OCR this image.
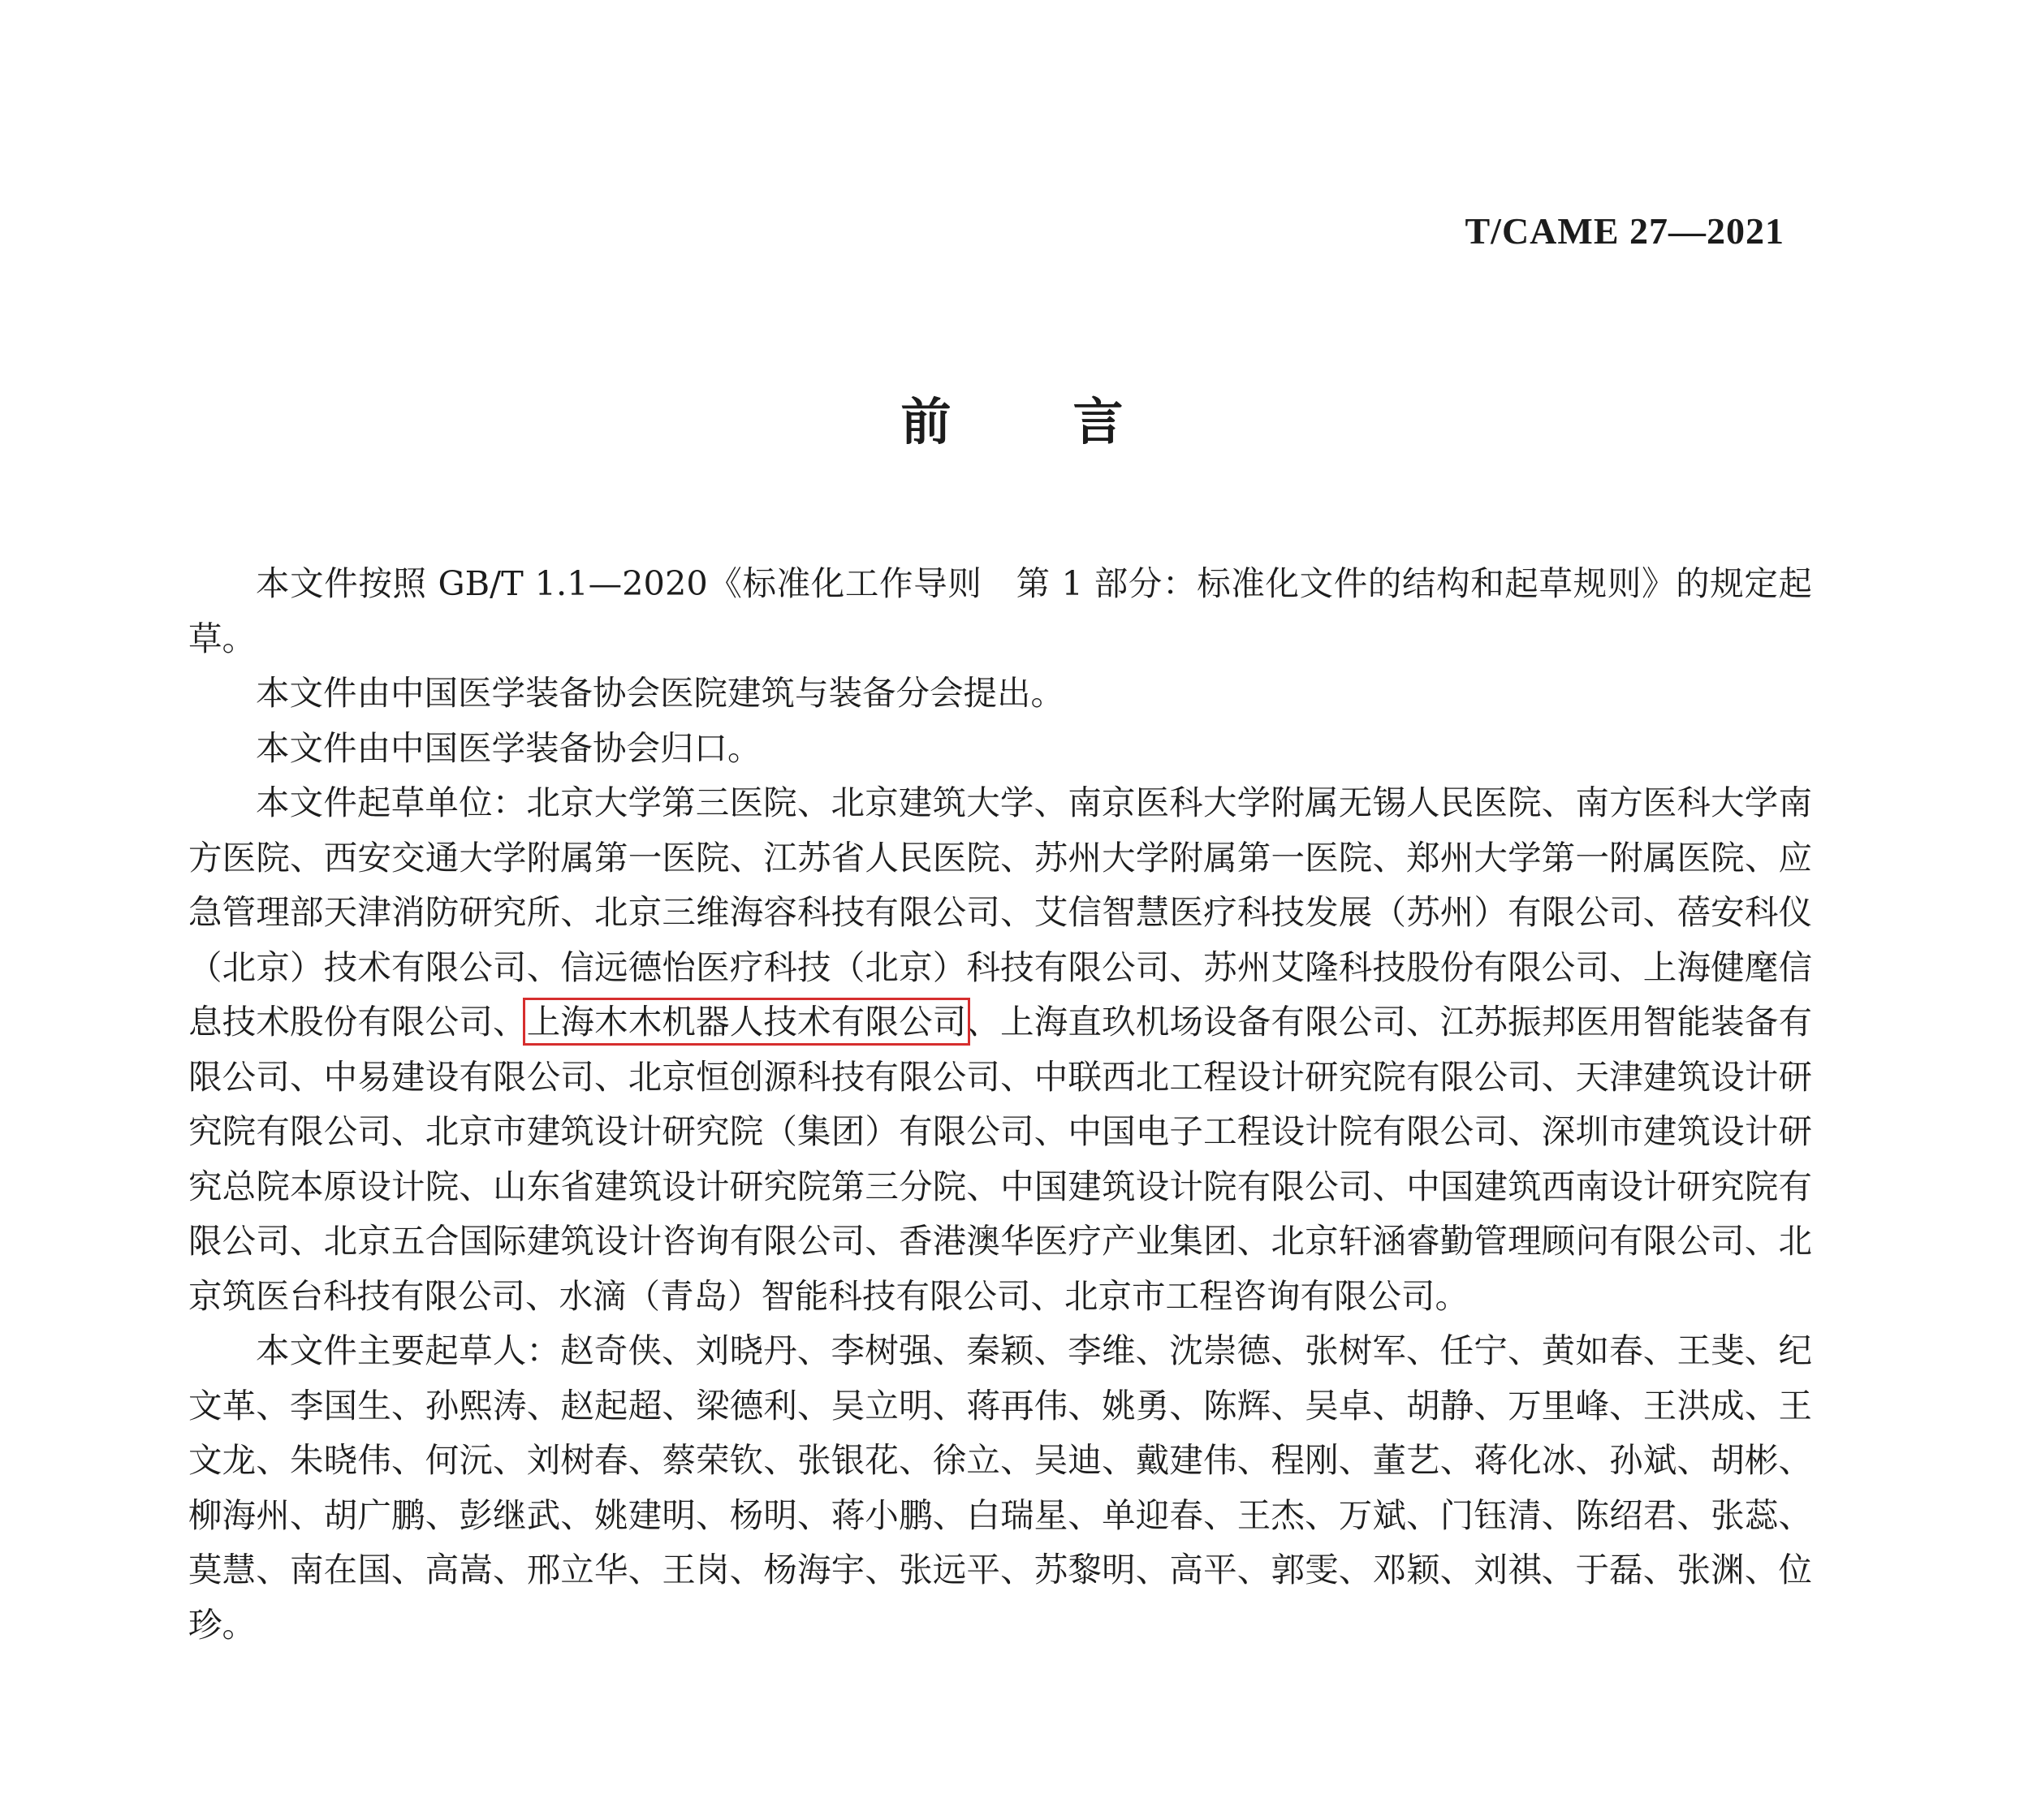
T/CAME 27—2021

前 言

本文件按照 GB/T 1.1—2020《标准化工作导则　第 1 部分：标准化文件的结构和起草规则》的规定起草。

本文件由中国医学装备协会医院建筑与装备分会提出。

本文件由中国医学装备协会归口。

本文件起草单位：北京大学第三医院、北京建筑大学、南京医科大学附属无锡人民医院、南方医科大学南方医院、西安交通大学附属第一医院、江苏省人民医院、苏州大学附属第一医院、郑州大学第一附属医院、应急管理部天津消防研究所、北京三维海容科技有限公司、艾信智慧医疗科技发展（苏州）有限公司、蓓安科仪（北京）技术有限公司、信远德怡医疗科技（北京）科技有限公司、苏州艾隆科技股份有限公司、上海健麾信息技术股份有限公司、上海木木机器人技术有限公司、上海直玖机场设备有限公司、江苏振邦医用智能装备有限公司、中易建设有限公司、北京恒创源科技有限公司、中联西北工程设计研究院有限公司、天津建筑设计研究院有限公司、北京市建筑设计研究院（集团）有限公司、中国电子工程设计院有限公司、深圳市建筑设计研究总院本原设计院、山东省建筑设计研究院第三分院、中国建筑设计院有限公司、中国建筑西南设计研究院有限公司、北京五合国际建筑设计咨询有限公司、香港澳华医疗产业集团、北京轩涵睿勤管理顾问有限公司、北京筑医台科技有限公司、水滴（青岛）智能科技有限公司、北京市工程咨询有限公司。

本文件主要起草人：赵奇侠、刘晓丹、李树强、秦颖、李维、沈崇德、张树军、任宁、黄如春、王斐、纪文革、李国生、孙熙涛、赵起超、梁德利、吴立明、蒋再伟、姚勇、陈辉、吴卓、胡静、万里峰、王洪成、王文龙、朱晓伟、何沅、刘树春、蔡荣钦、张银花、徐立、吴迪、戴建伟、程刚、董艺、蒋化冰、孙斌、胡彬、柳海州、胡广鹏、彭继武、姚建明、杨明、蒋小鹏、白瑞星、单迎春、王杰、万斌、门钰清、陈绍君、张蕊、莫慧、南在国、高嵩、邢立华、王岗、杨海宇、张远平、苏黎明、高平、郭雯、邓颖、刘祺、于磊、张渊、位珍。
